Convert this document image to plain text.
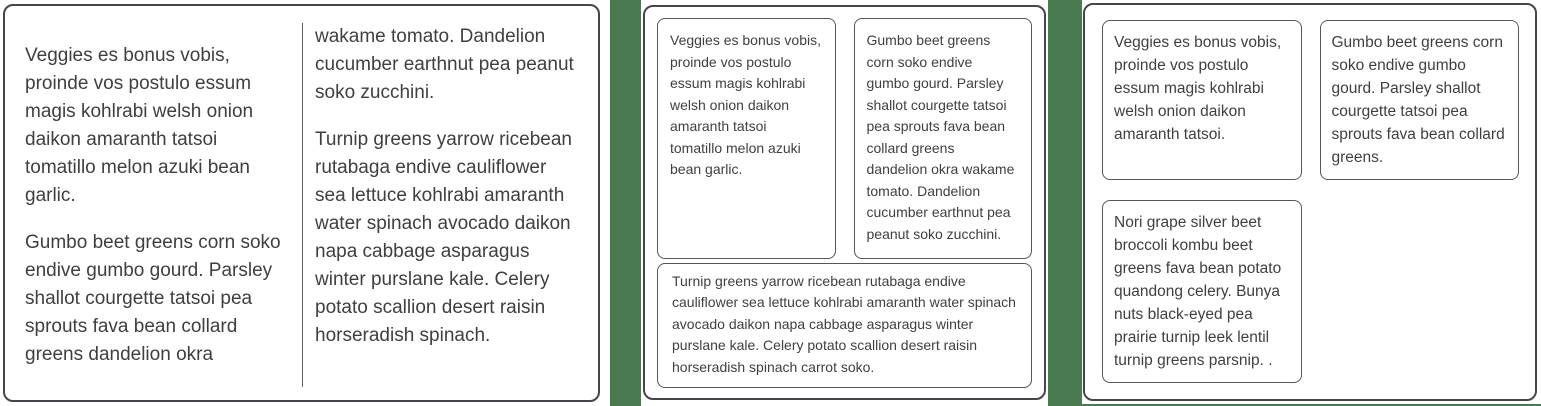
Veggies es bonus vobis, proinde vos postulo essum magis kohlrabi welsh onion daikon amaranth tatsoi tomatillo melon azuki bean garlic.

Gumbo beet greens corn soko endive gumbo gourd. Parsley shallot courgette tatsoi pea sprouts fava bean collard greens dandelion okra

wakame tomato. Dandelion cucumber earthnut pea peanut soko zucchini.

Turnip greens yarrow ricebean rutabaga endive cauliflower sea lettuce kohlrabi amaranth water spinach avocado daikon napa cabbage asparagus winter purslane kale. Celery potato scallion desert raisin horseradish spinach.

Veggies es bonus vobis, proinde vos postulo essum magis kohlrabi welsh onion daikon amaranth tatsoi tomatillo melon azuki bean garlic.

Gumbo beet greens corn soko endive gumbo gourd. Parsley shallot courgette tatsoi pea sprouts fava bean collard greens dandelion okra wakame tomato. Dandelion cucumber earthnut pea peanut soko zucchini.

Turnip greens yarrow ricebean rutabaga endive cauliflower sea lettuce kohlrabi amaranth water spinach avocado daikon napa cabbage asparagus winter purslane kale. Celery potato scallion desert raisin horseradish spinach carrot soko.

Veggies es bonus vobis, proinde vos postulo essum magis kohlrabi welsh onion daikon amaranth tatsoi.

Gumbo beet greens corn soko endive gumbo gourd. Parsley shallot courgette tatsoi pea sprouts fava bean collard greens.

Nori grape silver beet broccoli kombu beet greens fava bean potato quandong celery. Bunya nuts black-eyed pea prairie turnip leek lentil turnip greens parsnip. .
